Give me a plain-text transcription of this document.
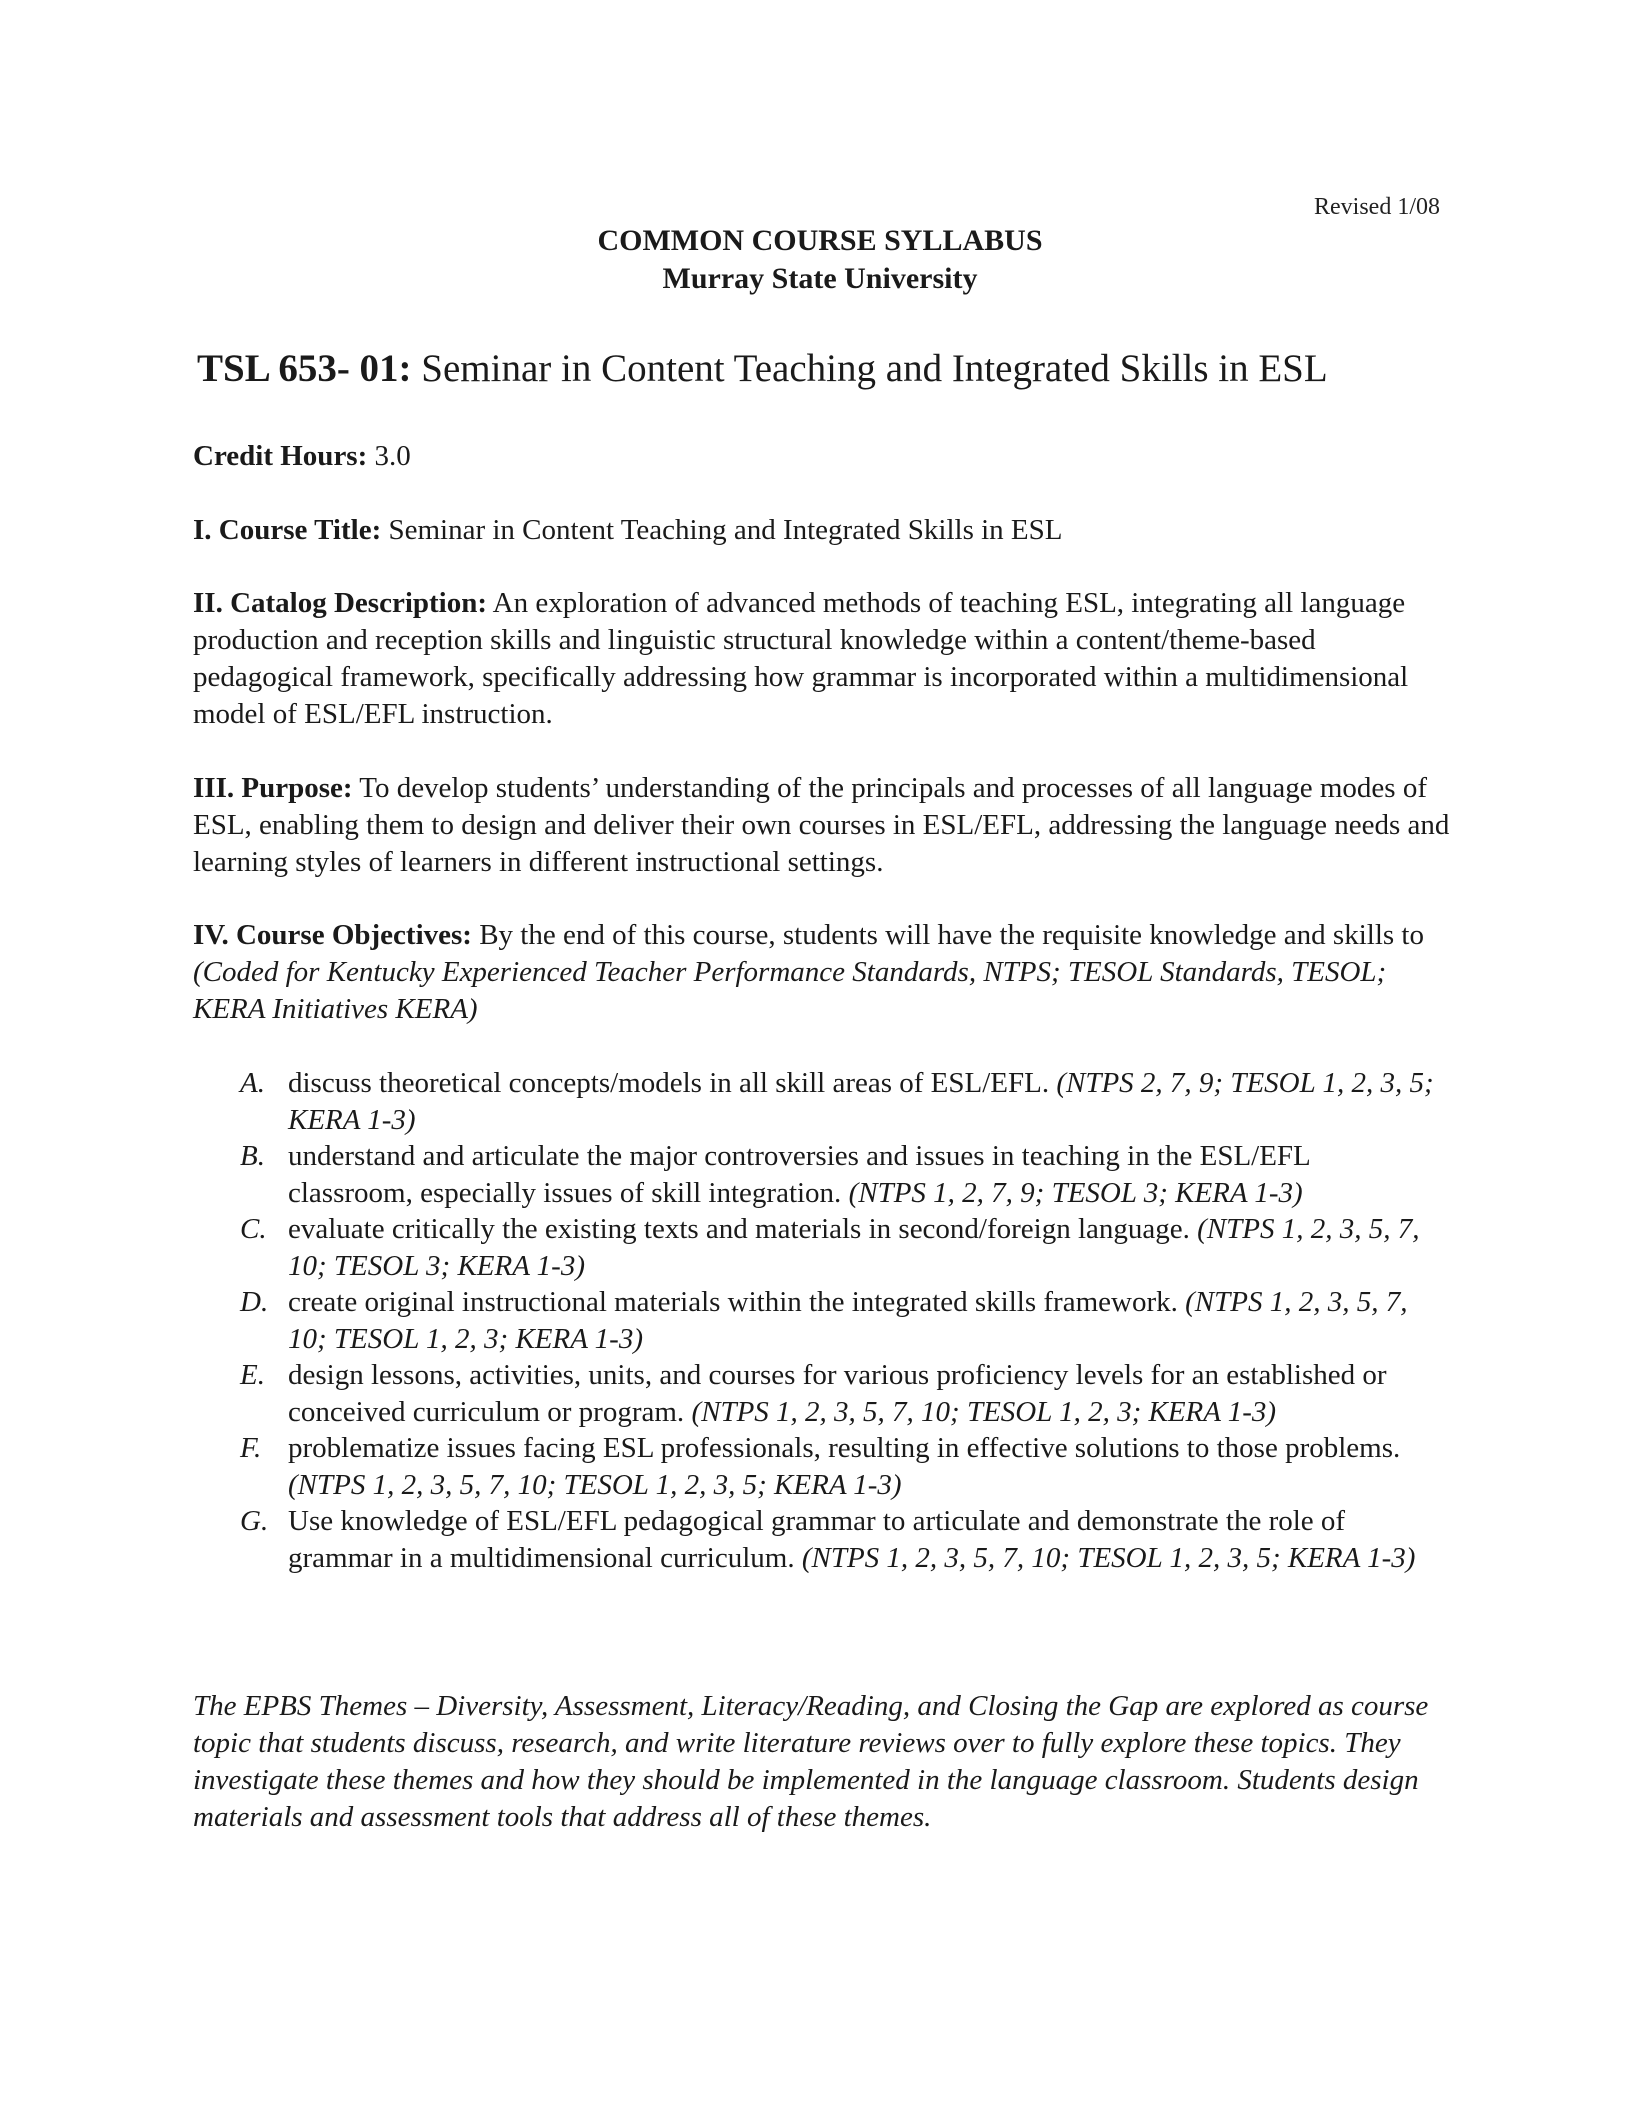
Revised 1/08
COMMON COURSE SYLLABUS
Murray State University
TSL 653- 01: Seminar in Content Teaching and Integrated Skills in ESL
Credit Hours: 3.0
I. Course Title: Seminar in Content Teaching and Integrated Skills in ESL
II. Catalog Description: An exploration of advanced methods of teaching ESL, integrating all language production and reception skills and linguistic structural knowledge within a content/theme-based pedagogical framework, specifically addressing how grammar is incorporated within a multidimensional model of ESL/EFL instruction.
III. Purpose: To develop students’ understanding of the principals and processes of all language modes of ESL, enabling them to design and deliver their own courses in ESL/EFL, addressing the language needs and learning styles of learners in different instructional settings.
IV. Course Objectives: By the end of this course, students will have the requisite knowledge and skills to (Coded for Kentucky Experienced Teacher Performance Standards, NTPS; TESOL Standards, TESOL; KERA Initiatives KERA)
A. discuss theoretical concepts/models in all skill areas of ESL/EFL. (NTPS 2, 7, 9; TESOL 1, 2, 3, 5; KERA 1-3)
B. understand and articulate the major controversies and issues in teaching in the ESL/EFL classroom, especially issues of skill integration. (NTPS 1, 2, 7, 9; TESOL 3; KERA 1-3)
C. evaluate critically the existing texts and materials in second/foreign language. (NTPS 1, 2, 3, 5, 7, 10; TESOL 3; KERA 1-3)
D. create original instructional materials within the integrated skills framework. (NTPS 1, 2, 3, 5, 7, 10; TESOL 1, 2, 3; KERA 1-3)
E. design lessons, activities, units, and courses for various proficiency levels for an established or conceived curriculum or program. (NTPS 1, 2, 3, 5, 7, 10; TESOL 1, 2, 3; KERA 1-3)
F. problematize issues facing ESL professionals, resulting in effective solutions to those problems. (NTPS 1, 2, 3, 5, 7, 10; TESOL 1, 2, 3, 5; KERA 1-3)
G. Use knowledge of ESL/EFL pedagogical grammar to articulate and demonstrate the role of grammar in a multidimensional curriculum. (NTPS 1, 2, 3, 5, 7, 10; TESOL 1, 2, 3, 5; KERA 1-3)
The EPBS Themes – Diversity, Assessment, Literacy/Reading, and Closing the Gap are explored as course topic that students discuss, research, and write literature reviews over to fully explore these topics. They investigate these themes and how they should be implemented in the language classroom. Students design materials and assessment tools that address all of these themes.
